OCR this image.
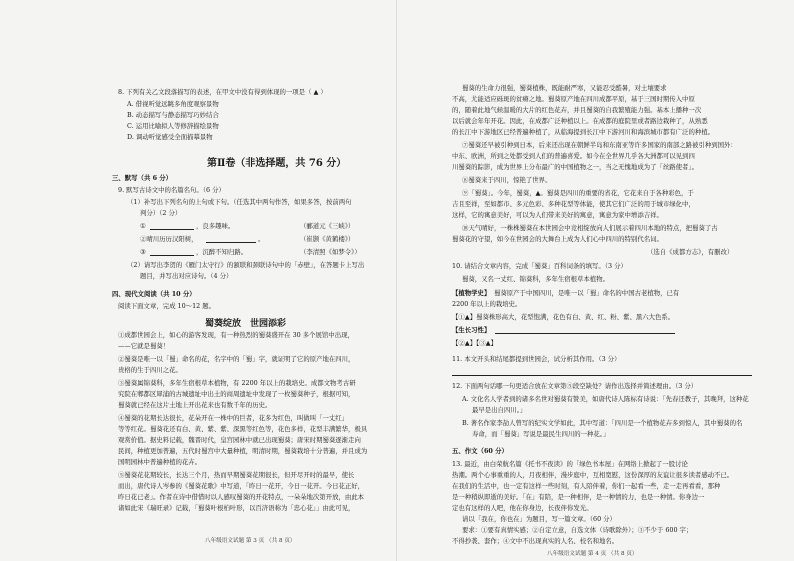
8. 下列有关乙文段落描写的表述，在甲文中没有得到体现的一项是（ ▲ ）
A. 借视听觉远眺多角度观察景物
B. 动态描写与静态描写巧妙结合
C. 运用比喻拟人等修辞描绘景物
D. 调动听觉感受全面描摹景物
第Ⅱ卷（非选择题，共 76 分）
三、默写（共 6 分）
9. 默写古诗文中的名篇名句。（6 分）
（1）补写出下列名句的上句或下句。（任选其中两句作答，如果多答，按前两句
判分）（2 分）
①	，良多趣味。	（郦道元《三峡》）
②晴川历历汉阳树，	。	（崔颢《黄鹤楼》）
③	，沉醉不知归路。	（李清照《如梦令》）
（2）请写出李贺的《雁门太守行》的颔联和颈联诗句中的「赤壁」，在答题卡上写出
题目，并写出对应诗句。（4 分）
四、现代文阅读（共 10 分）
阅读下面文章，完成 10～12 题。
蜀葵绽放　世园添彩
①成都世园会上，如心的游客发现，有一种热烈的蜀葵盛开在 30 多个展馆中出现，
——它就是蜀葵！
②蜀葵是唯一以「蜀」命名的花，名字中的「蜀」字，就证明了它的原产地在四川，
贵格的生于四川之花。
③蜀葵属锦葵科，多年生宿根草本植物，有 2200 年以上的栽培史。成都文物考古研
究院在郫都区犀浦的古城遗址中出土的商周遗址中发现了一枚蜀葵种子，根据可知，
蜀葵就已经在这片土地上开出花来也有数千年的历史。
④蜀葵的花期长达很长，花朵开在一株中的巨者，花多为红色，叫做叫「一丈红」
等等红花。蜀葵花还有白、黄、紫、紫、深黑等红色等，花色多样，花型丰满繁华，极具
观赏价值。据史料记载，魏晋时代，皇宫园林中就已出现蜀葵；唐宋时期蜀葵逐渐走向
民间，种植更加普遍，五代时蜀宫中大量种植，明清时期，蜀葵栽培十分普遍，并且成为
国明园林中普遍种植的花卉。
⑤蜀葵花花期较长，长达三个月，热而早期蜀葵花期很长，但开尽开时的最早，使长
而出，唐代诗人岑参的《蜀葵花歌》中写道，「昨日一花开，今日一花开。今日花正好，
昨日花已老」。作者在诗中借惜时以人感叹蜀葵的开花特点，一朵朵地次第开放，由此本
诸如此宋《瑞旺录》记载，「蜀葵叶根柏叶形，以百济语称为「忠心花」」由此可见，
八年级语文试题 第 3 页 （共 8 页）
蜀葵的生命力很强，蜀葵植株，既能耐严寒，又能忍受酷暑，对土壤要求
不高，尤能适应砾斑的贫瘠之地。蜀葵原产地在四川成都平原，基于三国时期传入中原
的，随着此地气候温暖的大片的红色花卉，并且蜀葵的自我繁殖能力强。基本上播种一次
以后就会年年开花。因此，在成都广泛种植以上。在成都的庭院里或者路边栽种了，从熟悉
的长江中下游地区已经普遍种植了，从临海提到长江中下游河川和海滨城市都有广泛的种植。
⑦蜀葵还早被引种到日本，后来还出现在朝鲜半岛和东南亚等许多国家的南部之路被引种到国外：
中东、欧洲，所到之处都受到人们的普遍喜爱。如今在全世界几乎各大洲都可以见到四
川蜀葵的踪影，成为世界上分布最广的中国植物之一，当之无愧地成为了「丝路使者」。
⑧蜀葵来于四川，惊艳了世界。
⑨「蜀葵」。今年，蜀葵，▲。蜀葵是四川的重要的省花，它花来自于各种彩色，于
吉且至祥，至如都市、多元色彩、多种花型等体能，使其它们广泛的用于城市绿化中，
这样，它的寓意美好，可以为人们带来美好的寓意，寓意为家中增添吉祥。
⑩天气晴好，一株株蜀葵在本世园会中竞相绽放向人们展示着四川本地的特点，把蜀葵了古
蜀葵花的守望，如今在世园会的大舞台上成为人们心中四川的特别代名词。
（选自《成都方志》，有删改）
10. 请结合文章内容，完成「蜀葵」百科词条的填写。（3 分）
蜀葵，又名一丈红、锦葵科，多年生宿根草本植物。
【植物学史】 蜀葵原产于中国四川，是唯一以「蜀」命名的中国古老植物，已有
2200 年以上的栽培史。
【①▲】蜀葵株形高大，花型饱满，花色有白、黄、红、粉、紫、黑六大色系。
【生长习性】
【②▲】【③▲】
11. 本文开头和结尾都提到世园会，试分析其作用。（3 分）
12. 下面两句话哪一句更适合放在文章第⑤段空缺处？请作出选择并简述理由。（3 分）
A. 文化名人学者到的诸多名世对蜀葵有赞美，如唐代诗人陈标有诗说：「先春还教子，其晚拜，这种花
最早是出自四川。」
B. 著名作家李劼人曾写的纪实文学如此，其中写道：「四川是一个植物花卉多到惊人，其中蜀葵的名
寿命，而「蜀葵」写说是最民生四川的一种花。」
五、作文（60 分）
13. 最近，由白荣航名篇《托书不夜读》的「绿色书本屋」在网络上掀起了一股讨论
热潮。两个心事重重的人，月夜相伴，漫步庭中，互相宽慰，这份深厚的友谊让很多读者感动不已。
在我们的生活中，也一定有这样一些时刻，有人陪伴着，你们一起看一些，走一走再看看，那种
是一种稍纵即逝的美好。「在」有陪，是一种相伴，是一种情的力，也是一种情。你身边一
定也有这样的人吧，他在你身边，长夜伴你发光。
请以「我在，你也在」为题目，写一篇文章。（60 分）
要求：①要有真情实感；②自定立意，自选文体（诗歌除外）；③不少于 600 字；
不得抄袭、套作；④文中不出现真实的人名、校名和地名。
八年级语文试题 第 4 页 （共 8 页）
